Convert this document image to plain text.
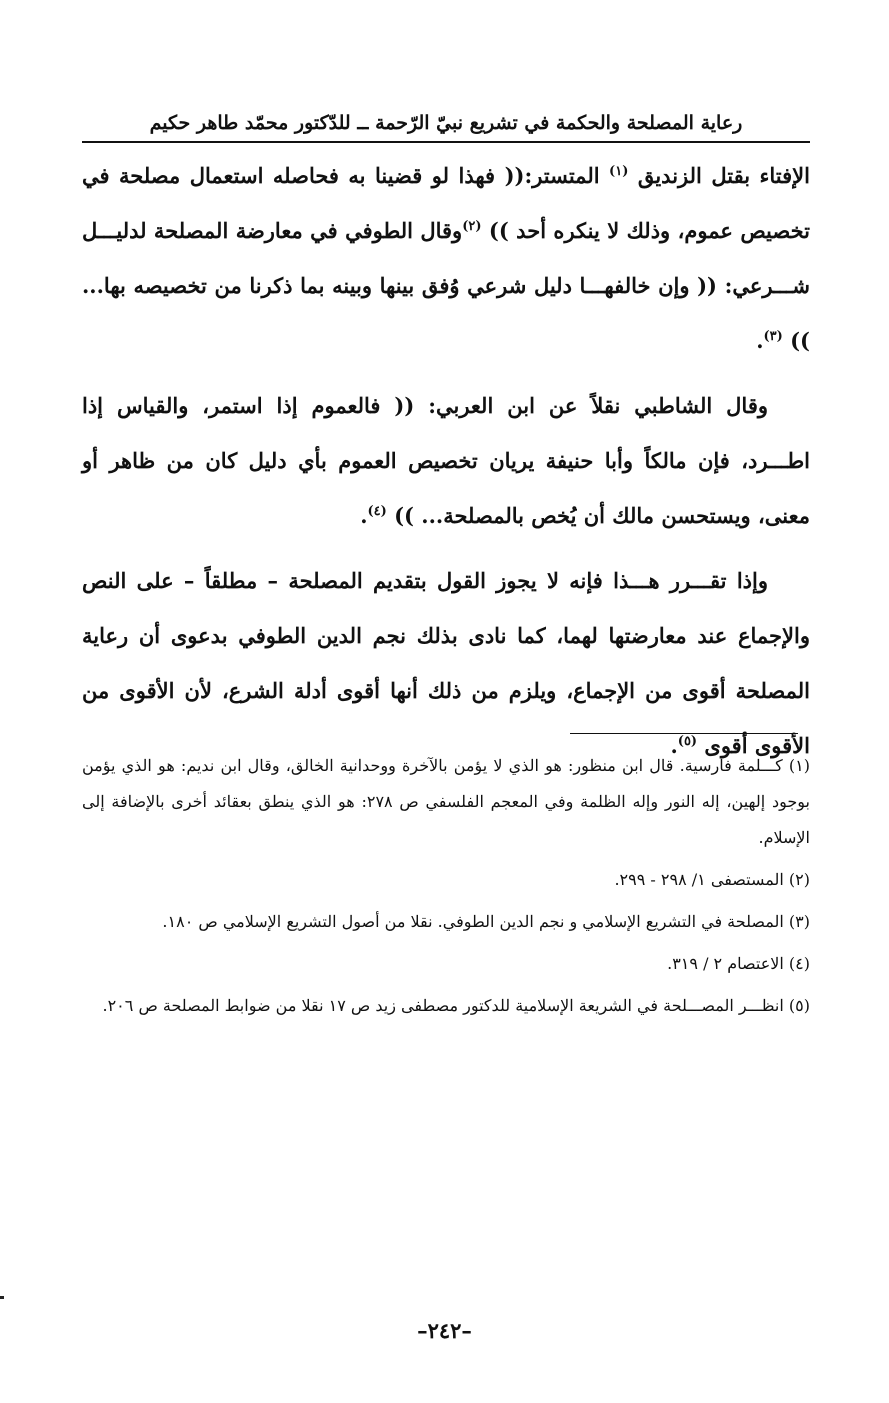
رعاية المصلحة والحكمة في تشريع نبيّ الرّحمة ــ للدّكتور محمّد طاهر حكيم

الإفتاء بقتل الزنديق $^{(١)}$ المتستر:(( فهذا لو قضينا به فحاصله استعمال مصلحة في تخصيص عموم، وذلك لا ينكره أحد )) $^{(٢)}$وقال الطوفي في معارضة المصلحة لدليـــل شـــرعي: (( وإن خالفهـــا دليل شرعي وُفق بينها وبينه بما ذكرنا من تخصيصه بها... )) $^{(٣)}$.

وقال الشاطبي نقلاً عن ابن العربي: (( فالعموم إذا استمر، والقياس إذا اطـــرد، فإن مالكاً وأبا حنيفة يريان تخصيص العموم بأي دليل كان من ظاهر أو معنى، ويستحسن مالك أن يُخص بالمصلحة... )) $^{(٤)}$.

وإذا تقـــرر هـــذا فإنه لا يجوز القول بتقديم المصلحة – مطلقاً – على النص والإجماع عند معارضتها لهما، كما نادى بذلك نجم الدين الطوفي بدعوى أن رعاية المصلحة أقوى من الإجماع، ويلزم من ذلك أنها أقوى أدلة الشرع، لأن الأقوى من الأقوى أقوى $^{(٥)}$.

(١) كـــلمة فارسية. قال ابن منظور: هو الذي لا يؤمن بالآخرة ووحدانية الخالق، وقال ابن نديم: هو الذي يؤمن بوجود إلهين، إله النور وإله الظلمة وفي المعجم الفلسفي ص ٢٧٨: هو الذي ينطق بعقائد أخرى بالإضافة إلى الإسلام.

(٢) المستصفى ١/ ٢٩٨ - ٢٩٩.

(٣) المصلحة في التشريع الإسلامي و نجم الدين الطوفي. نقلا من أصول التشريع الإسلامي ص ١٨٠.

(٤) الاعتصام ٢ / ٣١٩.

(٥) انظـــر المصـــلحة في الشريعة الإسلامية للدكتور مصطفى زيد ص ١٧ نقلا من ضوابط المصلحة ص ٢٠٦.

–٢٤٢–
